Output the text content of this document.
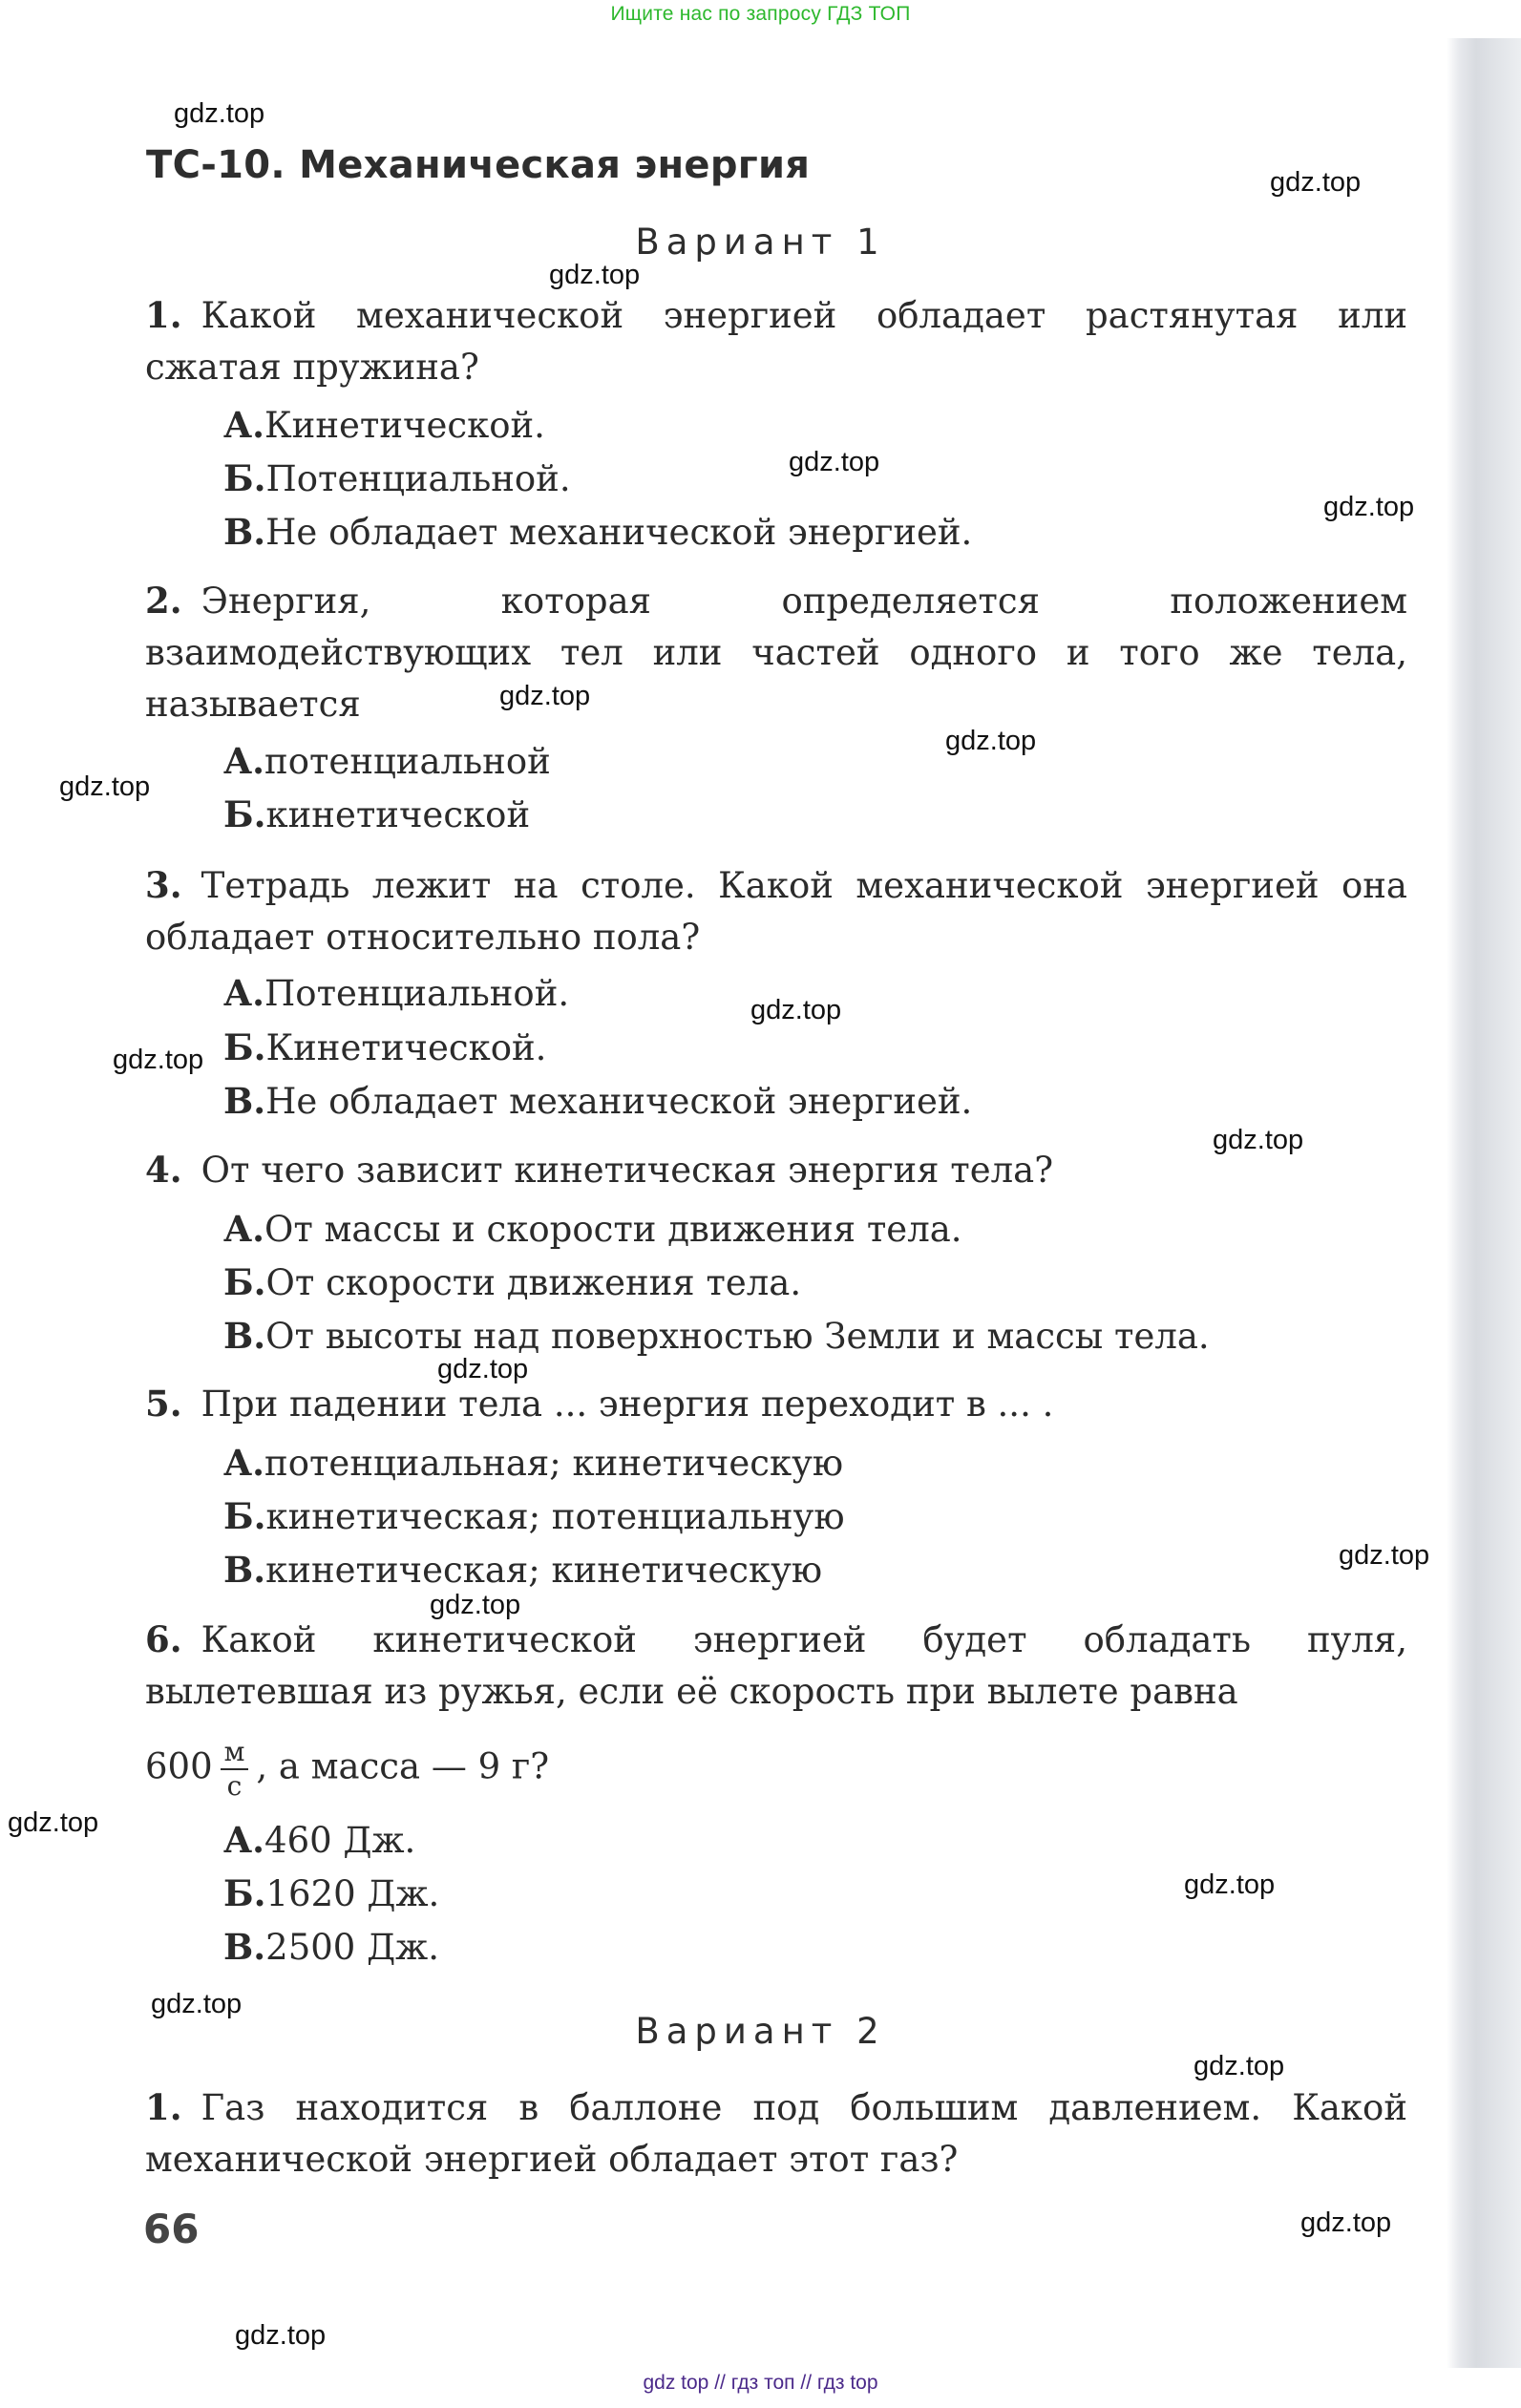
Ищите нас по запросу ГДЗ ТОП
ТС-10. Механическая энергия
Вариант 1
1. Какой механической энергией обладает растянутая или сжатая пружина?
А.Кинетической.
Б.Потенциальной.
В.Не обладает механической энергией.
2. Энергия, которая определяется положением взаимодействующих тел или частей одного и того же тела, называется
А.потенциальной
Б.кинетической
3. Тетрадь лежит на столе. Какой механической энергией она обладает относительно пола?
А.Потенциальной.
Б.Кинетической.
В.Не обладает механической энергией.
4. От чего зависит кинетическая энергия тела?
А.От массы и скорости движения тела.
Б.От скорости движения тела.
В.От высоты над поверхностью Земли и массы тела.
5. При падении тела ... энергия переходит в ... .
А.потенциальная; кинетическую
Б.кинетическая; потенциальную
В.кинетическая; кинетическую
6. Какой кинетической энергией будет обладать пуля, вылетевшая из ружья, если её скорость при вылете равна
$600 \frac{м}{с}$ , а масса — 9 г?
А.460 Дж.
Б.1620 Дж.
В.2500 Дж.
Вариант 2
1. Газ находится в баллоне под большим давлением. Какой механической энергией обладает этот газ?
66
gdz.top
gdz.top
gdz.top
gdz.top
gdz.top
gdz.top
gdz.top
gdz.top
gdz.top
gdz.top
gdz.top
gdz.top
gdz.top
gdz.top
gdz.top
gdz.top
gdz.top
gdz.top
gdz.top
gdz.top
gdz top // гдз топ // гдз top
